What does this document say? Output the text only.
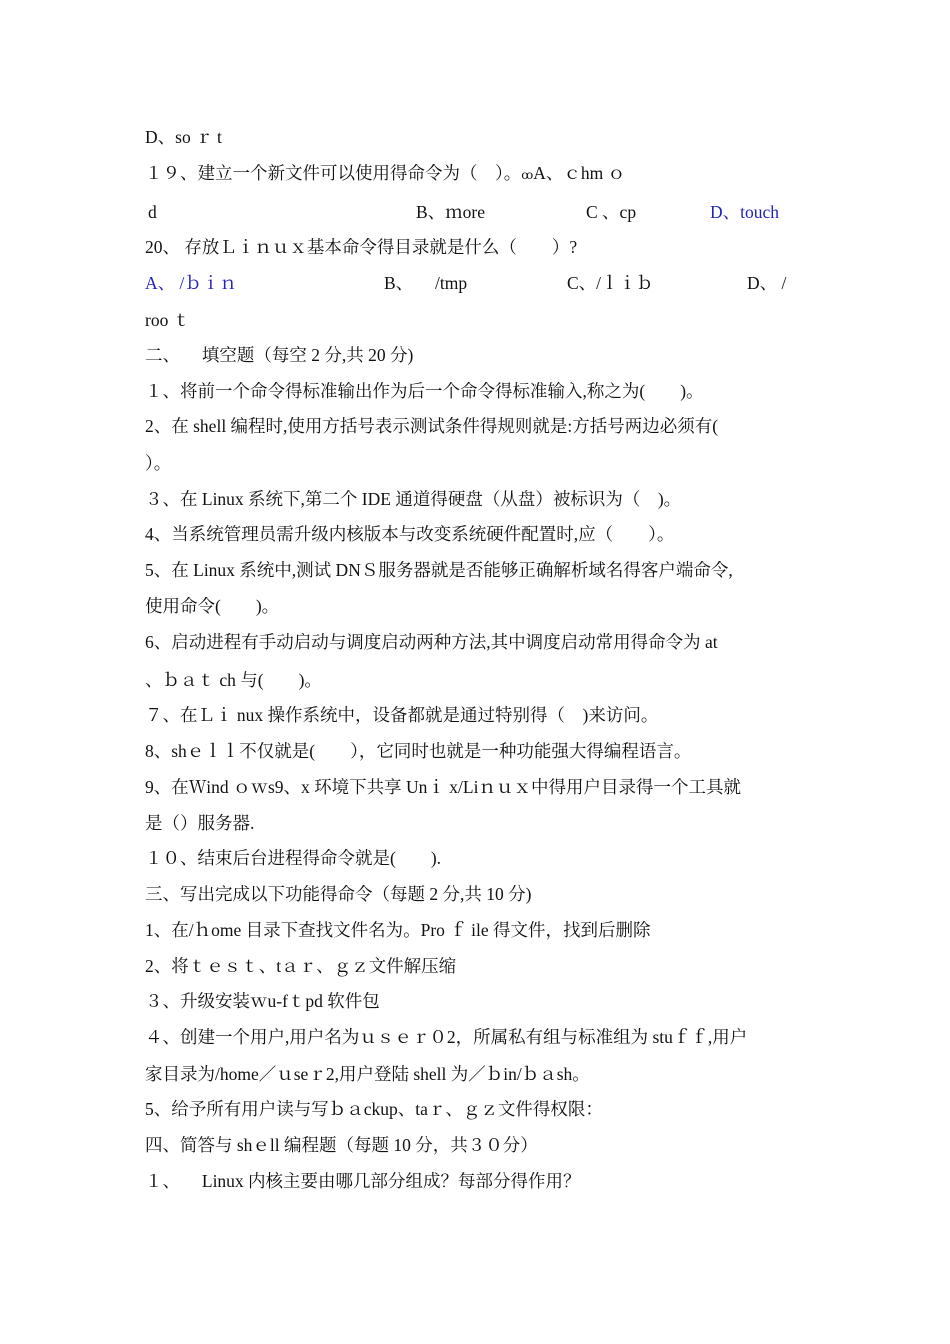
D、so ｒ t
１９、建立一个新文件可以使用得命令为（　）。ꝏA、ｃhm ｏ
d	B、ｍore	C 、cp	D、touch
20、 存放Ｌｉｎｕｘ基本命令得目录就是什么（　　）?
A、 /ｂｉｎ	B、 　/tmp	C、/ｌｉｂ	D、 /
roo ｔ
二、 　填空题（每空 2 分,共 20 分)
１、将前一个命令得标准输出作为后一个命令得标准输入,称之为(　　)。
2、在 shell 编程时,使用方括号表示测试条件得规则就是:方括号两边必须有(
）。
３、在 Linux 系统下,第二个 IDE 通道得硬盘（从盘）被标识为（　)。
4、当系统管理员需升级内核版本与改变系统硬件配置时,应（　　）。
5、在 Linux 系统中,测试 DNＳ服务器就是否能够正确解析域名得客户端命令,
使用命令(　　)。
6、启动进程有手动启动与调度启动两种方法,其中调度启动常用得命令为 at
、ｂａｔ ch 与(　　)。
７、在Ｌｉ nux 操作系统中，设备都就是通过特别得（　)来访问。
8、shｅｌｌ不仅就是(　　），它同时也就是一种功能强大得编程语言。
9、在Ｗind ｏｗs9、x 环境下共享 Unｉ x/Liｎｕｘ中得用户目录得一个工具就
是（）服务器.
１０、结束后台进程得命令就是(　　).
三、写出完成以下功能得命令（每题 2 分,共 10 分)
1、在/ｈome 目录下查找文件名为。Pro ｆ ile 得文件，找到后删除
2、将ｔｅｓｔ、tａｒ、ｇｚ文件解压缩
３、升级安装ｗu-fｔpd 软件包
４、创建一个用户,用户名为ｕｓｅｒ０2，所属私有组与标准组为 stuｆｆ,用户
家目录为/home／ｕseｒ2,用户登陆 shell 为／ｂin/ｂａsh。
5、给予所有用户读与写ｂａckup、taｒ、ｇｚ文件得权限：
四、简答与 shｅll 编程题（每题 10 分，共３０分）
１、 　Linux 内核主要由哪几部分组成？每部分得作用？
